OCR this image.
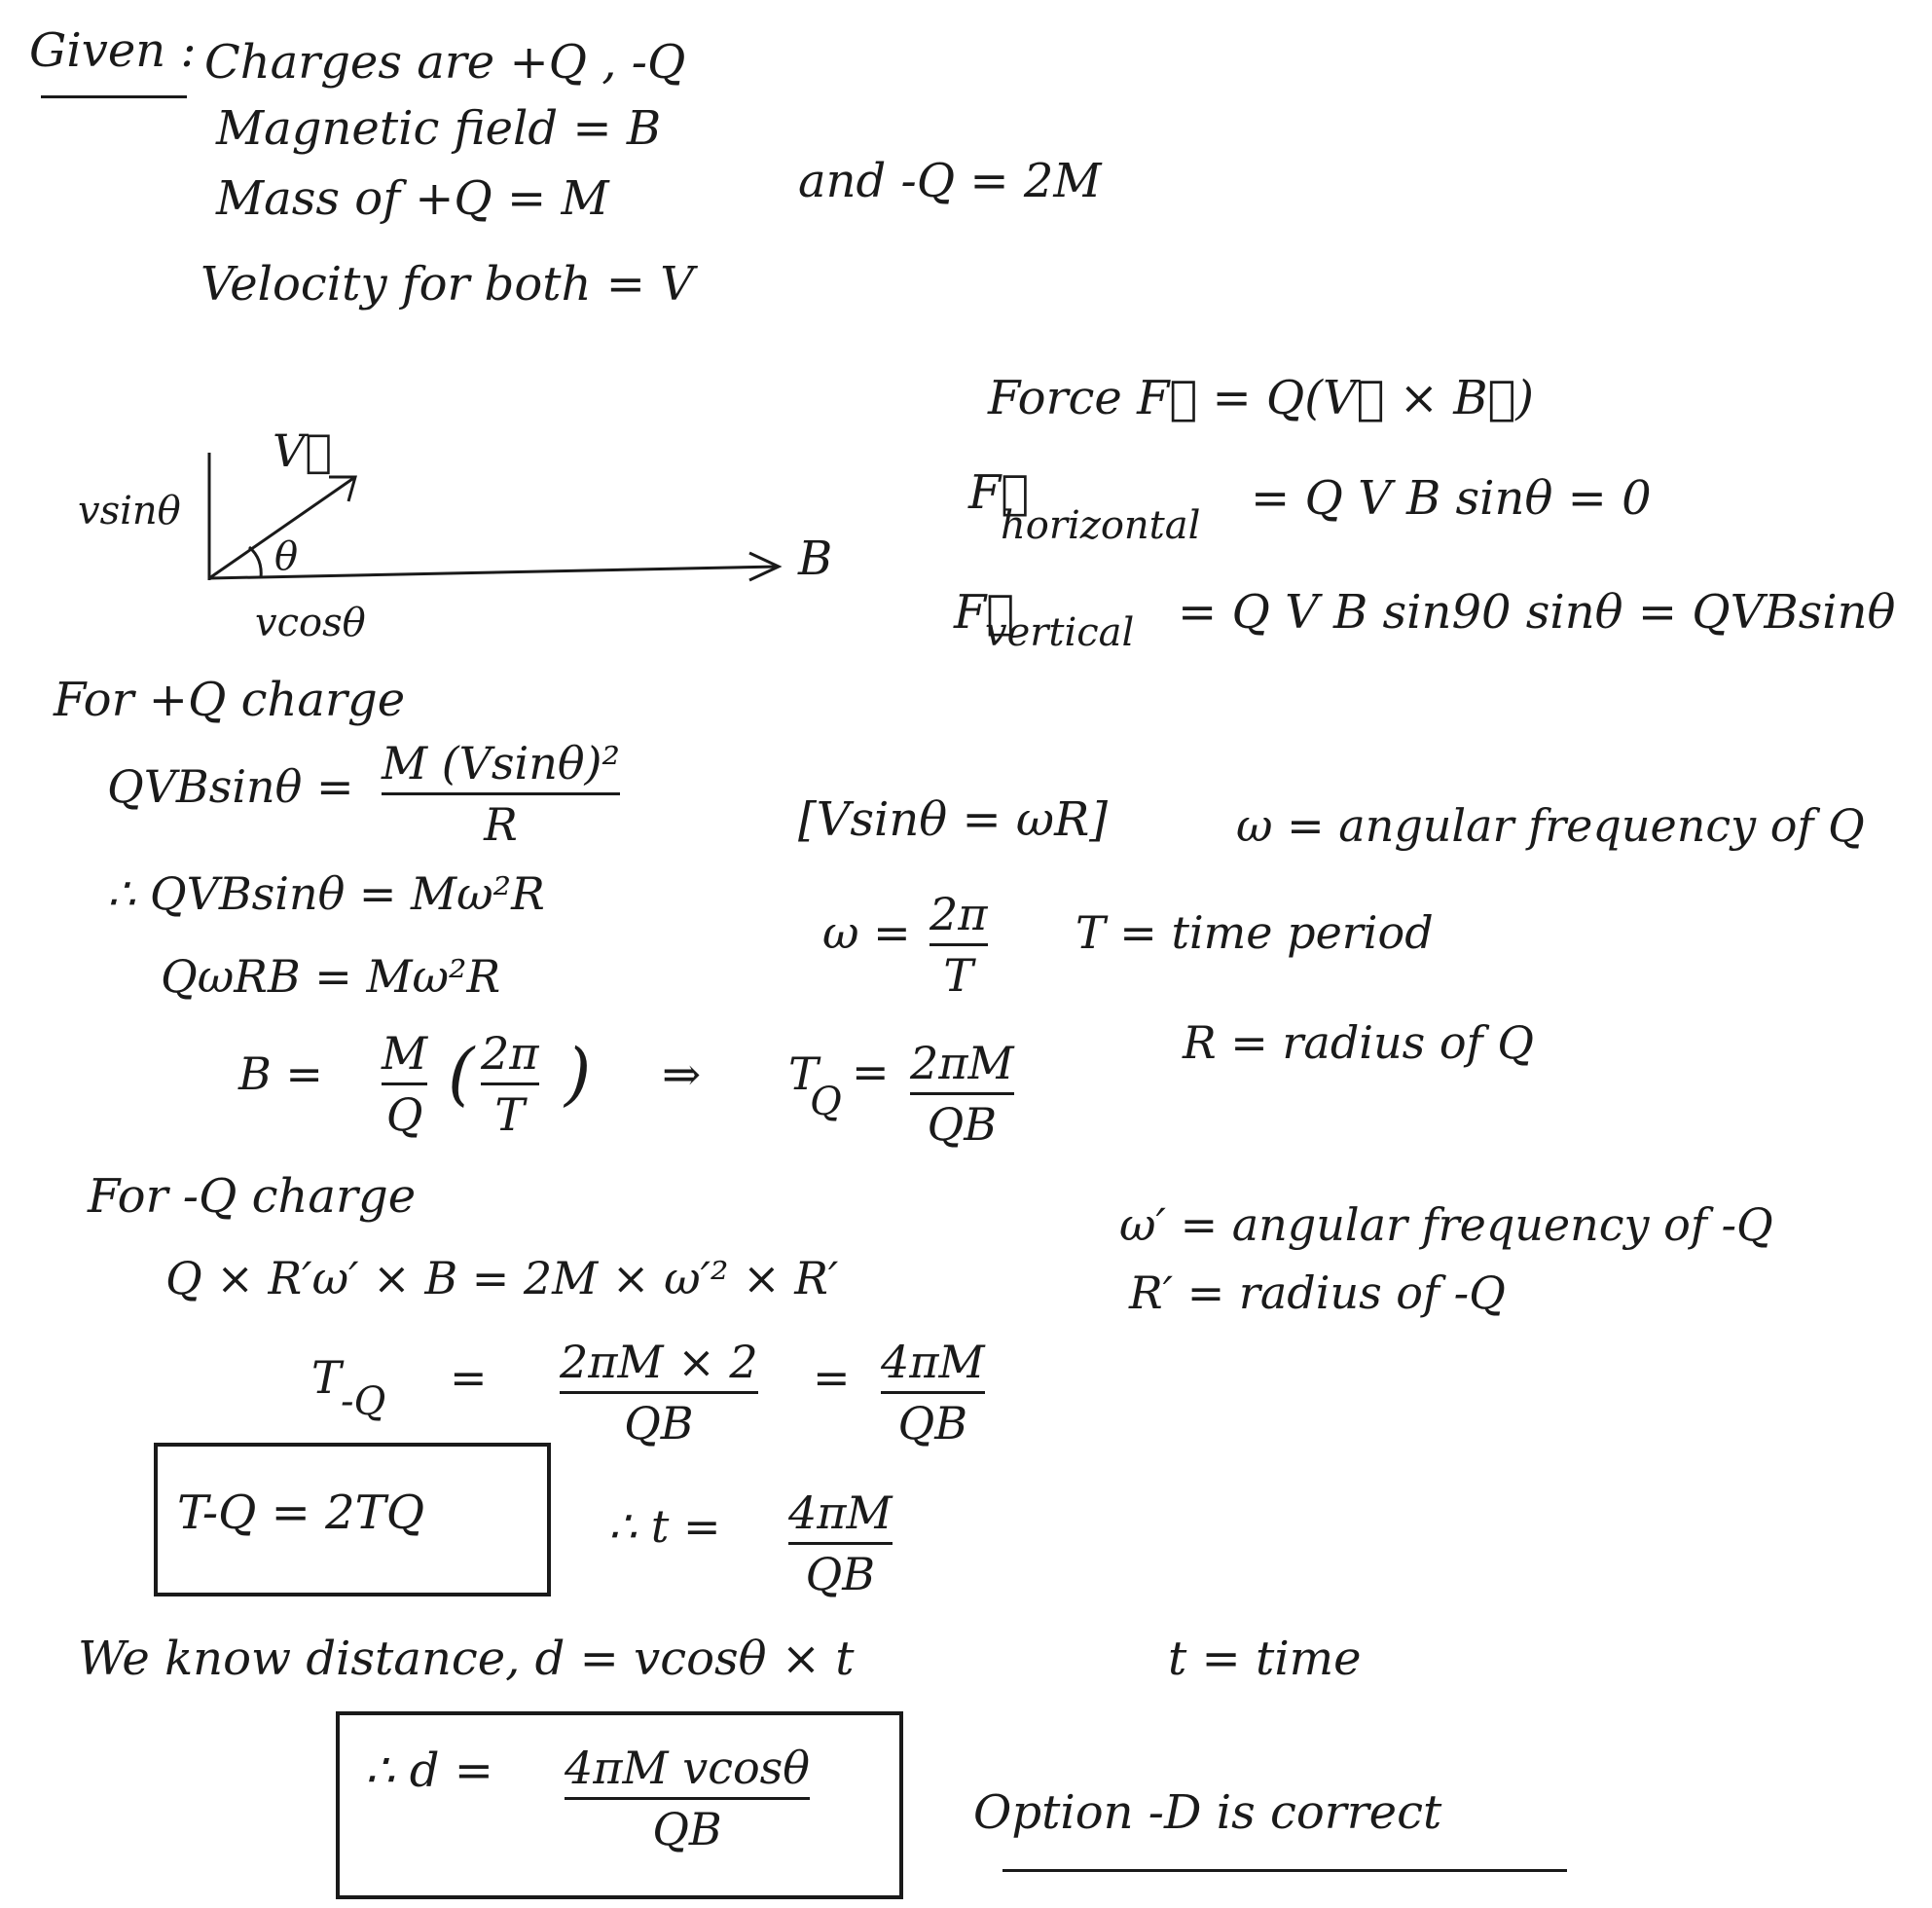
Given : Charges are +Q , -Q
Magnetic field = B
Mass of +Q = M	and -Q = 2M
Velocity for both = V
V⃗
vsinθ
θ	B
vcosθ
Force F⃗ = Q(V⃗ × B⃗)
F⃗
horizontal = Q V B sinθ = 0
F⃗
vertical = Q V B sin90 sinθ = QVBsinθ
For +Q charge
QVBsinθ = M (Vsinθ)²
R
∴ QVBsinθ = Mω²R
QωRB = Mω²R
B = M
Q
( 2π
T
) ⇒ T
Q
= 2πM
QB
[Vsinθ = ωR]	ω = angular frequency of Q
ω = 2π
T
T = time period
R = radius of Q
For -Q charge
Q × R′ω′ × B = 2M × ω′² × R′
T -Q = 2πM × 2
QB
= 4πM
QB
ω′ = angular frequency of -Q
R′ = radius of -Q
T-Q = 2TQ	∴ t = 4πM
QB
We know distance, d = vcosθ × t	t = time
∴ d = 4πM vcosθ
QB	Option -D is correct
